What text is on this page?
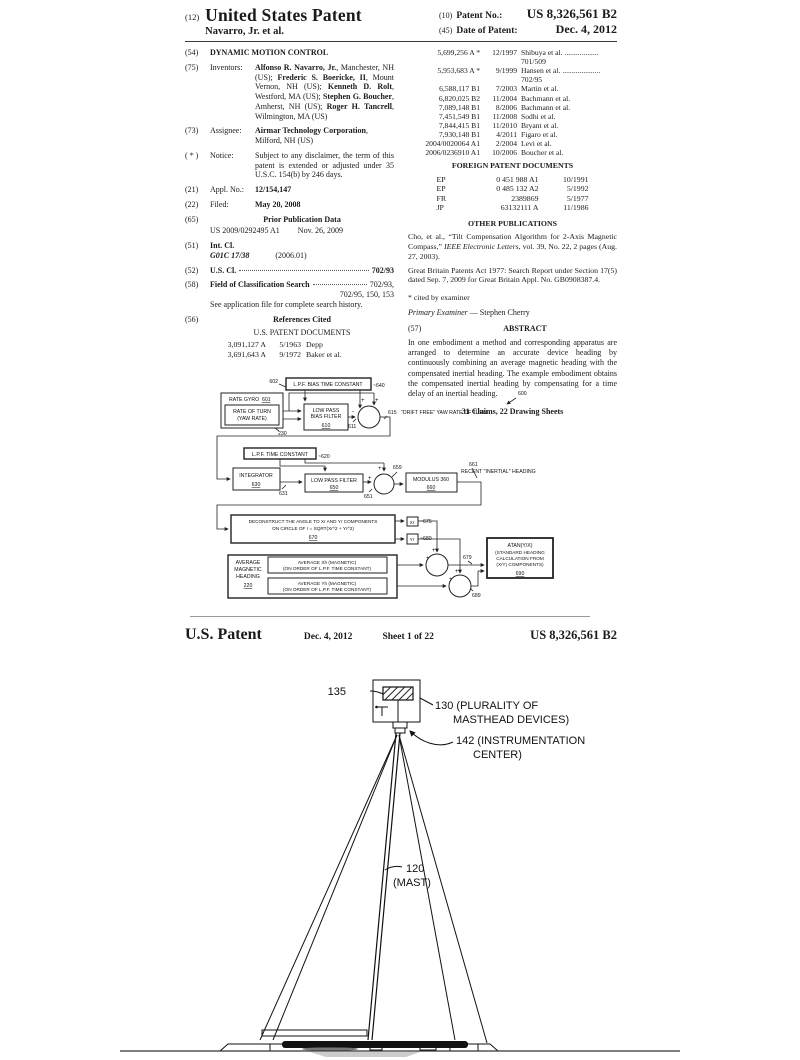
(12) United States Patent
Navarro, Jr. et al.
(10) Patent No.:	US 8,326,561 B2
(45) Date of Patent:	Dec. 4, 2012
(54)	DYNAMIC MOTION CONTROL
(75)	Inventors:	Alfonso R. Navarro, Jr., Manchester, NH (US); Frederic S. Boericke, II, Mount Vernon, NH (US); Kenneth D. Rolt, Westford, MA (US); Stephen G. Boucher, Amherst, NH (US); Roger H. Tancrell, Wilmington, MA (US)
(73)	Assignee:	Airmar Technology Corporation, Milford, NH (US)
( * )	Notice:	Subject to any disclaimer, the term of this patent is extended or adjusted under 35 U.S.C. 154(b) by 246 days.
(21)	Appl. No.:	12/154,147
(22)	Filed:	May 20, 2008
(65)	Prior Publication Data
US 2009/0292495 A1 Nov. 26, 2009
(51)	Int. Cl.
G01C 17/38	(2006.01)
(52)	U.S. Cl.	702/93
(58)	Field of Classification Search	702/93,
702/95, 150, 153
See application file for complete search history.
(56)	References Cited
U.S. PATENT DOCUMENTS
3,091,127 A	5/1963 Depp
3,691,643 A	9/1972 Baker et al.
5,699,256 A *	12/1997 Shibuya et al. .................. 701/509
5,953,683 A *	9/1999 Hansen et al. .................... 702/95
6,588,117 B1	7/2003 Martin et al.
6,820,025 B2	11/2004 Bachmann et al.
7,089,148 B1	8/2006 Bachmann et al.
7,451,549 B1	11/2008 Sodhi et al.
7,844,415 B1	11/2010 Bryant et al.
7,930,148 B1	4/2011 Figaro et al.
2004/0020064 A1	2/2004 Levi et al.
2006/0236910 A1	10/2006 Boucher et al.
FOREIGN PATENT DOCUMENTS
EP	0 451 988 A1	10/1991
EP	0 485 132 A2	5/1992
FR	2389869	5/1977
JP	63132111 A	11/1986
OTHER PUBLICATIONS
Cho, et al., “Tilt Compensation Algorithm for 2-Axis Magnetic Compass,” IEEE Electronic Letters, vol. 39, No. 22, 2 pages (Aug. 27, 2003).
Great Britain Patents Act 1977: Search Report under Section 17(5) dated Sep. 7, 2009 for Great Britain Appl. No. GB0908387.4.
* cited by examiner
Primary Examiner — Stephen Cherry
(57)	ABSTRACT
In one embodiment a method and corresponding apparatus are arranged to determine an accurate device heading by continuously combining an average magnetic heading with the compensated inertial heading. The example embodiment obtains the compensated inertial heading by compensating for a time delay of an inertial heading.
31 Claims, 22 Drawing Sheets
L.P.F. BIAS TIME CONSTANT ~640
602
RATE GYRO 601
RATE OF TURN
(YAW RATE)
230
LOW PASS
BIAS FILTER
610	611
+ +
-	615 "DRIFT FREE" YAW RATE OF TURN
600
L.P.F. TIME CONSTANT ~620
INTEGRATOR
630
631
LOW PASS FILTER
650
651
+
+ 659
MODULUS 360
660
661
RECENT "INERTIAL" HEADING
DECONSTRUCT THE ANGLE TO Xr AND Yr COMPONENTS
ON CIRCLE OF r = SQRT(Xr^2 + Yr^2)
670
Xr ~675
Yr ~680
AVERAGE
MAGNETIC
HEADING
220
AVERAGE Xh (MAGNETIC)
(ON ORDER OF L.P.F. TIME CONSTANT)
AVERAGE Yh (MAGNETIC)
(ON ORDER OF L.P.F. TIME CONSTANT)
+
+
+
+
679
689
ATAN(Y/X)
(STANDARD HEADING
CALCULATION FROM
(X/Y) COMPONENTS)
690
U.S. Patent	Dec. 4, 2012	Sheet 1 of 22	US 8,326,561 B2
135
130 (PLURALITY OF
MASTHEAD DEVICES)
142 (INSTRUMENTATION
CENTER)
120
(MAST)
